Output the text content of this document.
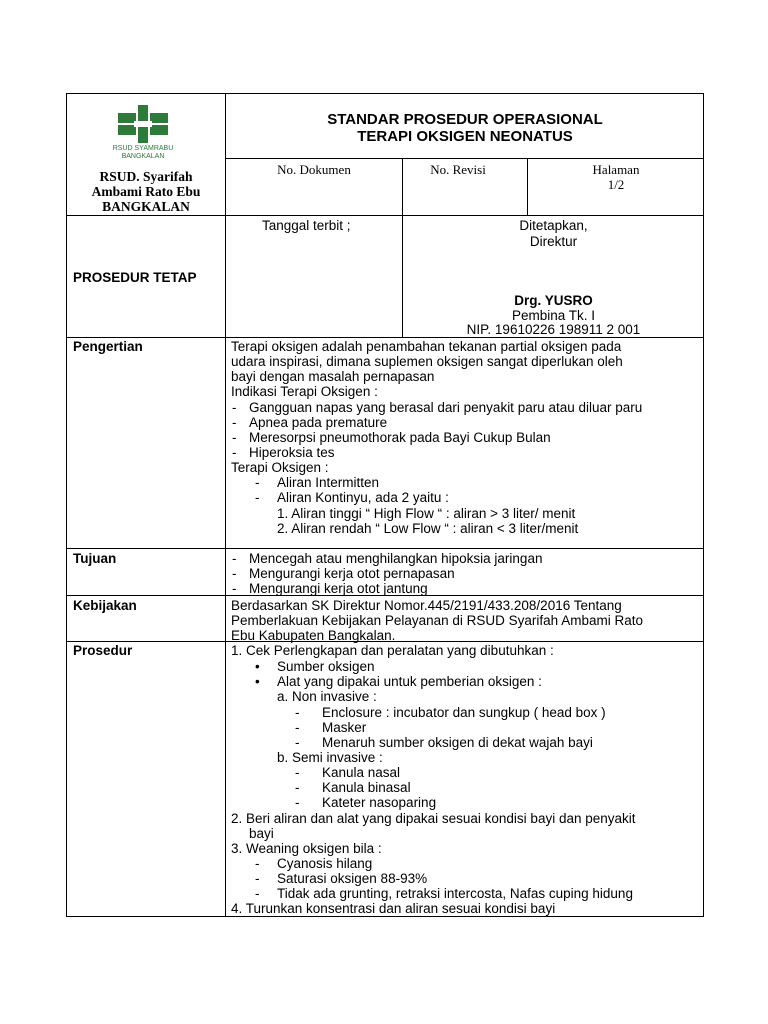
RSUD SYAMRABU
BANGKALAN
RSUD. Syarifah
Ambami Rato Ebu
BANGKALAN
STANDAR PROSEDUR OPERASIONAL
TERAPI OKSIGEN NEONATUS
No. Dokumen	No. Revisi	Halaman
1/2
PROSEDUR TETAP
Tanggal terbit ;	Ditetapkan,
Direktur
Drg. YUSRO
Pembina Tk. I
NIP. 19610226 198911 2 001
Pengertian	Terapi oksigen adalah penambahan tekanan partial oksigen pada
udara inspirasi, dimana suplemen oksigen sangat diperlukan oleh
bayi dengan masalah pernapasan
Indikasi Terapi Oksigen :
- Gangguan napas yang berasal dari penyakit paru atau diluar paru
- Apnea pada premature
- Meresorpsi pneumothorak pada Bayi Cukup Bulan
- Hiperoksia tes
Terapi Oksigen :
- Aliran Intermitten
- Aliran Kontinyu, ada 2 yaitu :
1. Aliran tinggi “ High Flow “ : aliran > 3 liter/ menit
2. Aliran rendah “ Low Flow “ : aliran < 3 liter/menit
Tujuan	- Mencegah atau menghilangkan hipoksia jaringan
- Mengurangi kerja otot pernapasan
- Mengurangi kerja otot jantung
Kebijakan	Berdasarkan SK Direktur Nomor.445/2191/433.208/2016 Tentang
Pemberlakuan Kebijakan Pelayanan di RSUD Syarifah Ambami Rato
Ebu Kabupaten Bangkalan.
Prosedur	1. Cek Perlengkapan dan peralatan yang dibutuhkan :
• Sumber oksigen
• Alat yang dipakai untuk pemberian oksigen :
a. Non invasive :
- Enclosure : incubator dan sungkup ( head box )
- Masker
- Menaruh sumber oksigen di dekat wajah bayi
b. Semi invasive :
- Kanula nasal
- Kanula binasal
- Kateter nasoparing
2. Beri aliran dan alat yang dipakai sesuai kondisi bayi dan penyakit
bayi
3. Weaning oksigen bila :
- Cyanosis hilang
- Saturasi oksigen 88-93%
- Tidak ada grunting, retraksi intercosta, Nafas cuping hidung
4. Turunkan konsentrasi dan aliran sesuai kondisi bayi
